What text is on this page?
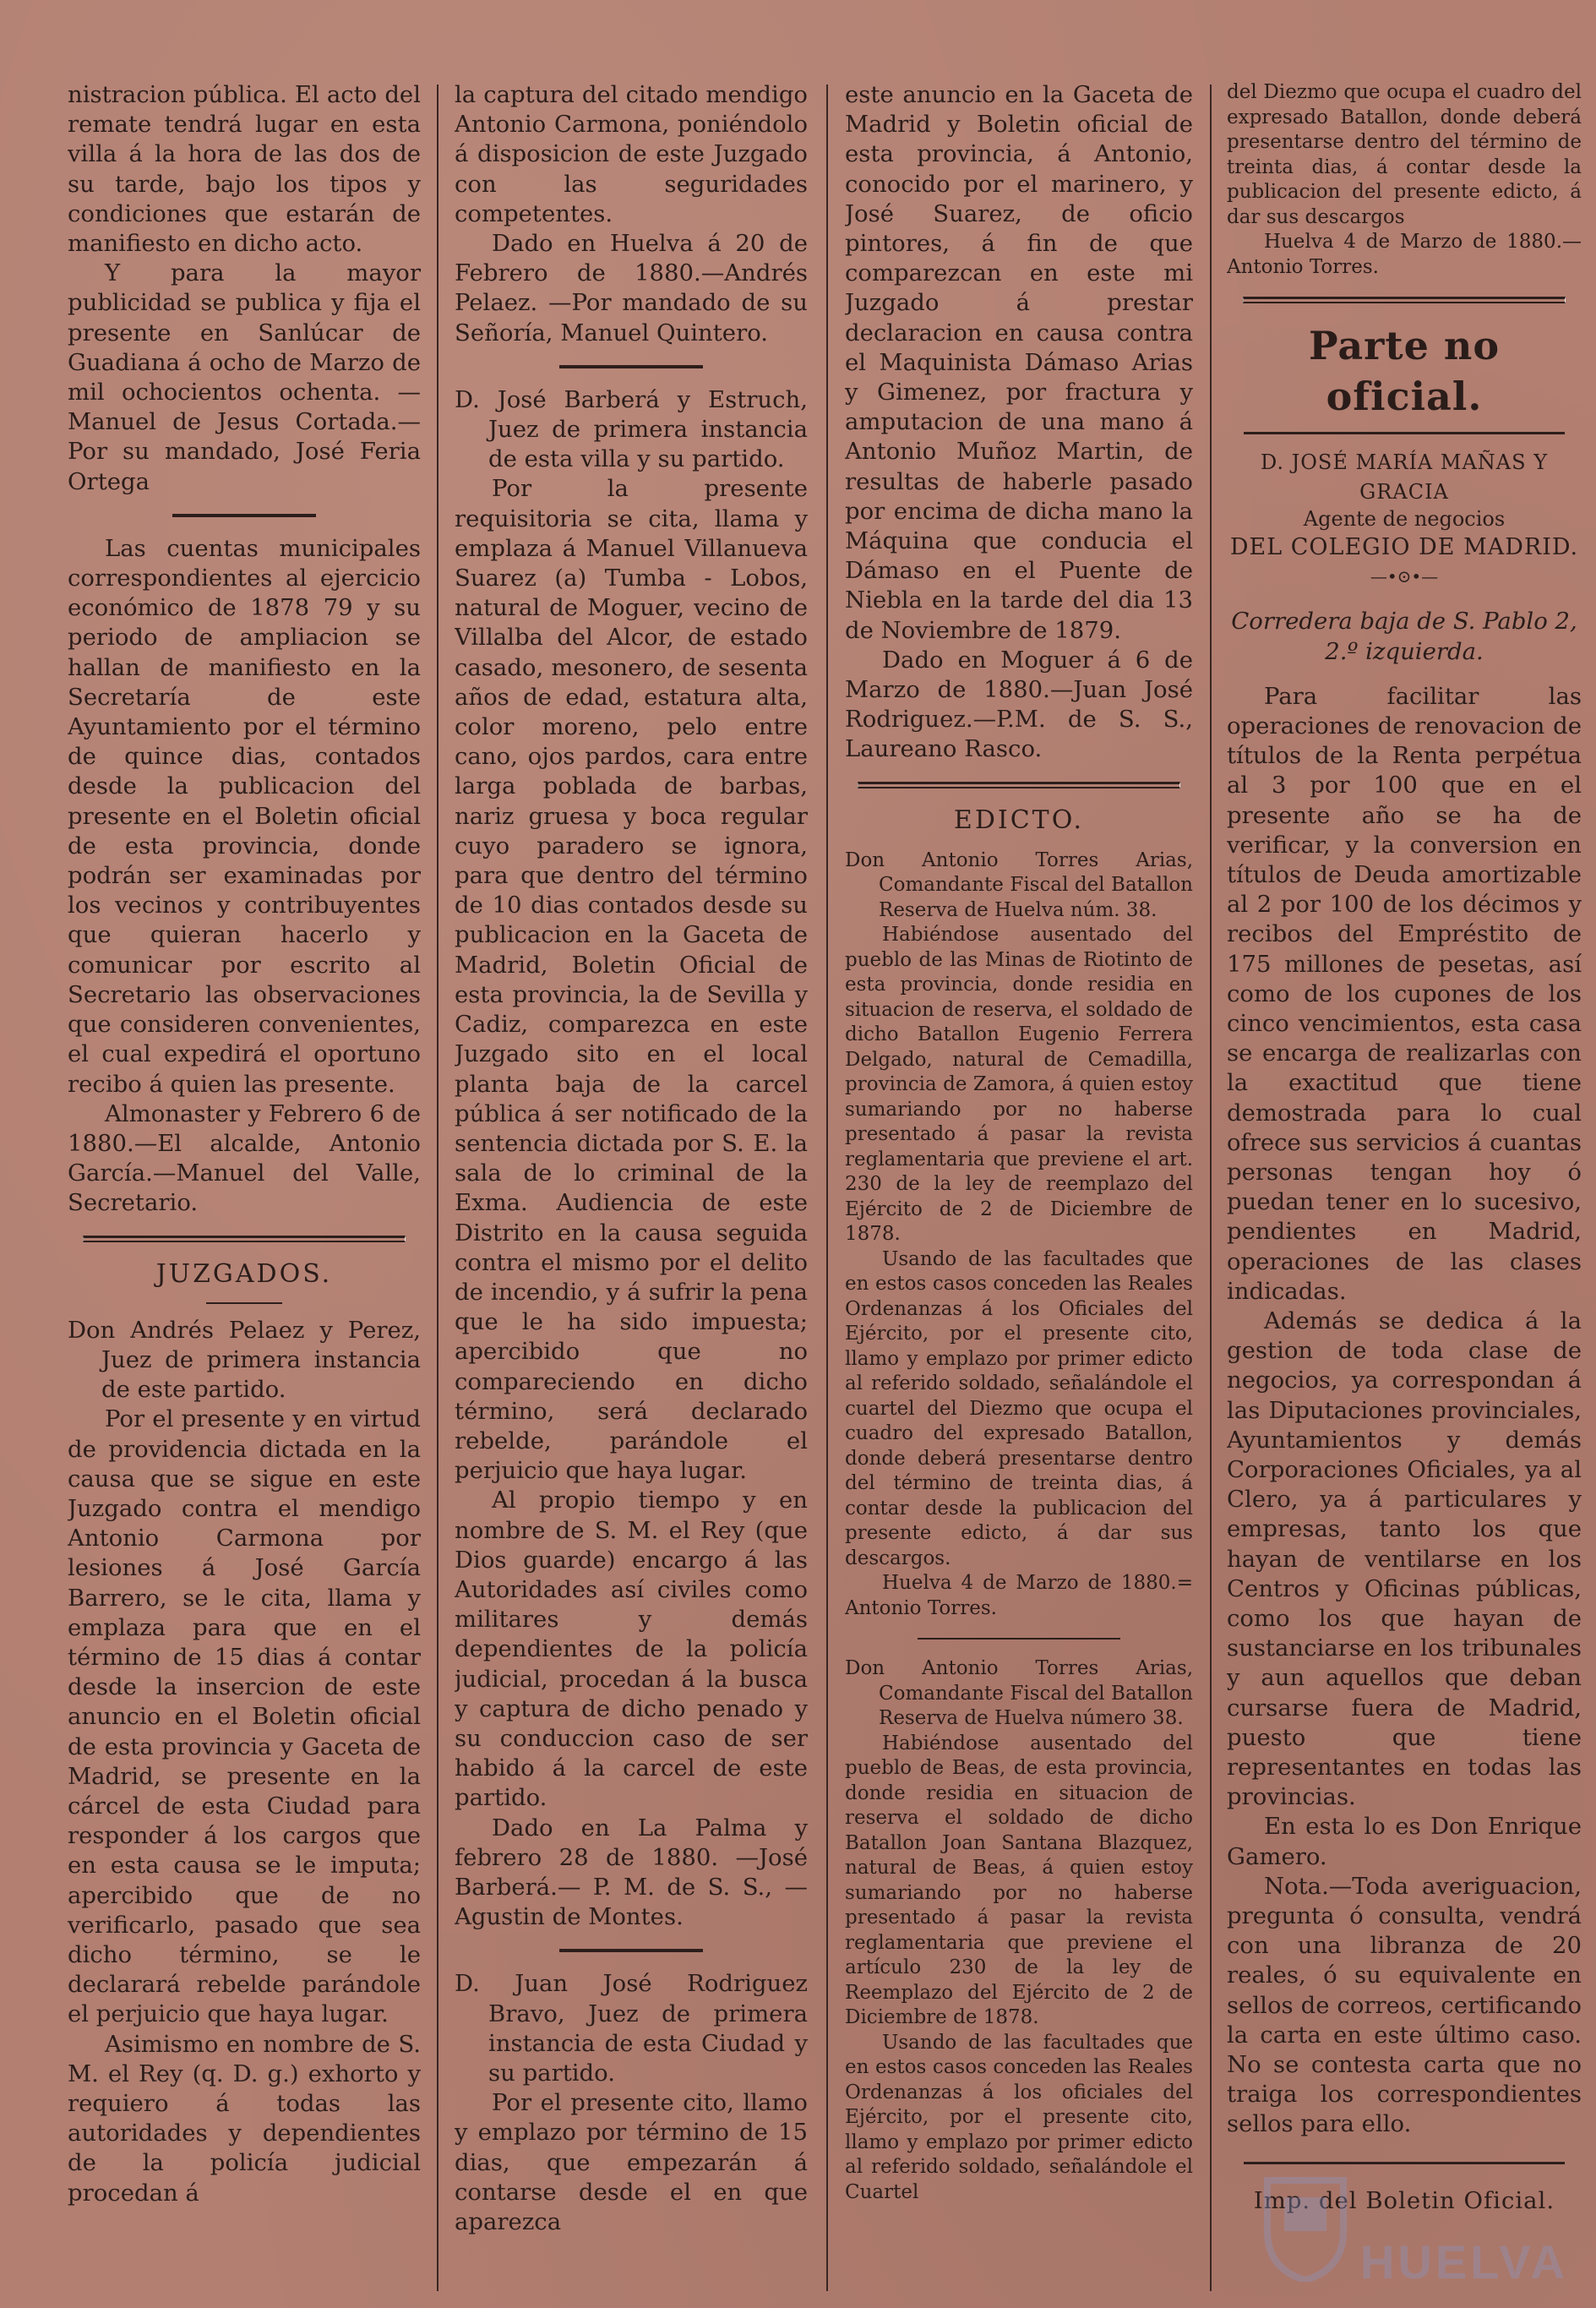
nistracion pública. El acto del remate tendrá lugar en esta villa á la hora de las dos de su tarde, bajo los tipos y condiciones que estarán de manifiesto en dicho acto.

Y para la mayor publicidad se publica y fija el presente en Sanlúcar de Guadiana á ocho de Marzo de mil ochocientos ochenta. — Manuel de Jesus Cortada.—Por su mandado, José Feria Ortega

Las cuentas municipales correspondientes al ejercicio económico de 1878 79 y su periodo de ampliacion se hallan de manifiesto en la Secretaría de este Ayuntamiento por el término de quince dias, contados desde la publicacion del presente en el Boletin oficial de esta provincia, donde podrán ser examinadas por los vecinos y contribuyentes que quieran hacerlo y comunicar por escrito al Secretario las observaciones que consideren convenientes, el cual expedirá el oportuno recibo á quien las presente.

Almonaster y Febrero 6 de 1880.—El alcalde, Antonio García.—Manuel del Valle, Secretario.

JUZGADOS.

Don Andrés Pelaez y Perez, Juez de primera instancia de este partido.

Por el presente y en virtud de providencia dictada en la causa que se sigue en este Juzgado contra el mendigo Antonio Carmona por lesiones á José García Barrero, se le cita, llama y emplaza para que en el término de 15 dias á contar desde la insercion de este anuncio en el Boletin oficial de esta provincia y Gaceta de Madrid, se presente en la cárcel de esta Ciudad para responder á los cargos que en esta causa se le imputa; apercibido que de no verificarlo, pasado que sea dicho término, se le declarará rebelde parándole el perjuicio que haya lugar.

Asimismo en nombre de S. M. el Rey (q. D. g.) exhorto y requiero á todas las autoridades y dependientes de la policía judicial procedan á

la captura del citado mendigo Antonio Carmona, poniéndolo á disposicion de este Juzgado con las seguridades competentes.

Dado en Huelva á 20 de Febrero de 1880.—Andrés Pelaez. —Por mandado de su Señoría, Manuel Quintero.

D. José Barberá y Estruch, Juez de primera instancia de esta villa y su partido.

Por la presente requisitoria se cita, llama y emplaza á Manuel Villanueva Suarez (a) Tumba - Lobos, natural de Moguer, vecino de Villalba del Alcor, de estado casado, mesonero, de sesenta años de edad, estatura alta, color moreno, pelo entre cano, ojos pardos, cara entre larga poblada de barbas, nariz gruesa y boca regular cuyo paradero se ignora, para que dentro del término de 10 dias contados desde su publicacion en la Gaceta de Madrid, Boletin Oficial de esta provincia, la de Sevilla y Cadiz, comparezca en este Juzgado sito en el local planta baja de la carcel pública á ser notificado de la sentencia dictada por S. E. la sala de lo criminal de la Exma. Audiencia de este Distrito en la causa seguida contra el mismo por el delito de incendio, y á sufrir la pena que le ha sido impuesta; apercibido que no compareciendo en dicho término, será declarado rebelde, parándole el perjuicio que haya lugar.

Al propio tiempo y en nombre de S. M. el Rey (que Dios guarde) encargo á las Autoridades así civiles como militares y demás dependientes de la policía judicial, procedan á la busca y captura de dicho penado y su conduccion caso de ser habido á la carcel de este partido.

Dado en La Palma y febrero 28 de 1880. —José Barberá.— P. M. de S. S., —Agustin de Montes.

D. Juan José Rodriguez Bravo, Juez de primera instancia de esta Ciudad y su partido.

Por el presente cito, llamo y emplazo por término de 15 dias, que empezarán á contarse desde el en que aparezca

este anuncio en la Gaceta de Madrid y Boletin oficial de esta provincia, á Antonio, conocido por el marinero, y José Suarez, de oficio pintores, á fin de que comparezcan en este mi Juzgado á prestar declaracion en causa contra el Maquinista Dámaso Arias y Gimenez, por fractura y amputacion de una mano á Antonio Muñoz Martin, de resultas de haberle pasado por encima de dicha mano la Máquina que conducia el Dámaso en el Puente de Niebla en la tarde del dia 13 de Noviembre de 1879.

Dado en Moguer á 6 de Marzo de 1880.—Juan José Rodriguez.—P.M. de S. S., Laureano Rasco.

EDICTO.

Don Antonio Torres Arias, Comandante Fiscal del Batallon Reserva de Huelva núm. 38.

Habiéndose ausentado del pueblo de las Minas de Riotinto de esta provincia, donde residia en situacion de reserva, el soldado de dicho Batallon Eugenio Ferrera Delgado, natural de Cemadilla, provincia de Zamora, á quien estoy sumariando por no haberse presentado á pasar la revista reglamentaria que previene el art. 230 de la ley de reemplazo del Ejército de 2 de Diciembre de 1878.

Usando de las facultades que en estos casos conceden las Reales Ordenanzas á los Oficiales del Ejército, por el presente cito, llamo y emplazo por primer edicto al referido soldado, señalándole el cuartel del Diezmo que ocupa el cuadro del expresado Batallon, donde deberá presentarse dentro del término de treinta dias, á contar desde la publicacion del presente edicto, á dar sus descargos.

Huelva 4 de Marzo de 1880.= Antonio Torres.

Don Antonio Torres Arias, Comandante Fiscal del Batallon Reserva de Huelva número 38.

Habiéndose ausentado del pueblo de Beas, de esta provincia, donde residia en situacion de reserva el soldado de dicho Batallon Joan Santana Blazquez, natural de Beas, á quien estoy sumariando por no haberse presentado á pasar la revista reglamentaria que previene el artículo 230 de la ley de Reemplazo del Ejército de 2 de Diciembre de 1878.

Usando de las facultades que en estos casos conceden las Reales Ordenanzas á los oficiales del Ejército, por el presente cito, llamo y emplazo por primer edicto al referido soldado, señalándole el Cuartel

del Diezmo que ocupa el cuadro del expresado Batallon, donde deberá presentarse dentro del término de treinta dias, á contar desde la publicacion del presente edicto, á dar sus descargos

Huelva 4 de Marzo de 1880.— Antonio Torres.

Parte no oficial.
D. JOSÉ MARÍA MAÑAS Y GRACIA
Agente de negocios
DEL COLEGIO DE MADRID.
—•⊙•—
Corredera baja de S. Pablo 2,
2.º izquierda.

Para facilitar las operaciones de renovacion de títulos de la Renta perpétua al 3 por 100 que en el presente año se ha de verificar, y la conversion en títulos de Deuda amortizable al 2 por 100 de los décimos y recibos del Empréstito de 175 millones de pesetas, así como de los cupones de los cinco vencimientos, esta casa se encarga de realizarlas con la exactitud que tiene demostrada para lo cual ofrece sus servicios á cuantas personas tengan hoy ó puedan tener en lo sucesivo, pendientes en Madrid, operaciones de las clases indicadas.

Además se dedica á la gestion de toda clase de negocios, ya correspondan á las Diputaciones provinciales, Ayuntamientos y demás Corporaciones Oficiales, ya al Clero, ya á particulares y empresas, tanto los que hayan de ventilarse en los Centros y Oficinas públicas, como los que hayan de sustanciarse en los tribunales y aun aquellos que deban cursarse fuera de Madrid, puesto que tiene representantes en todas las provincias.

En esta lo es Don Enrique Gamero.

Nota.—Toda averiguacion, pregunta ó consulta, vendrá con una libranza de 20 reales, ó su equivalente en sellos de correos, certificando la carta en este último caso. No se contesta carta que no traiga los correspondientes sellos para ello.

Imp. del Boletin Oficial.
HUELVA
